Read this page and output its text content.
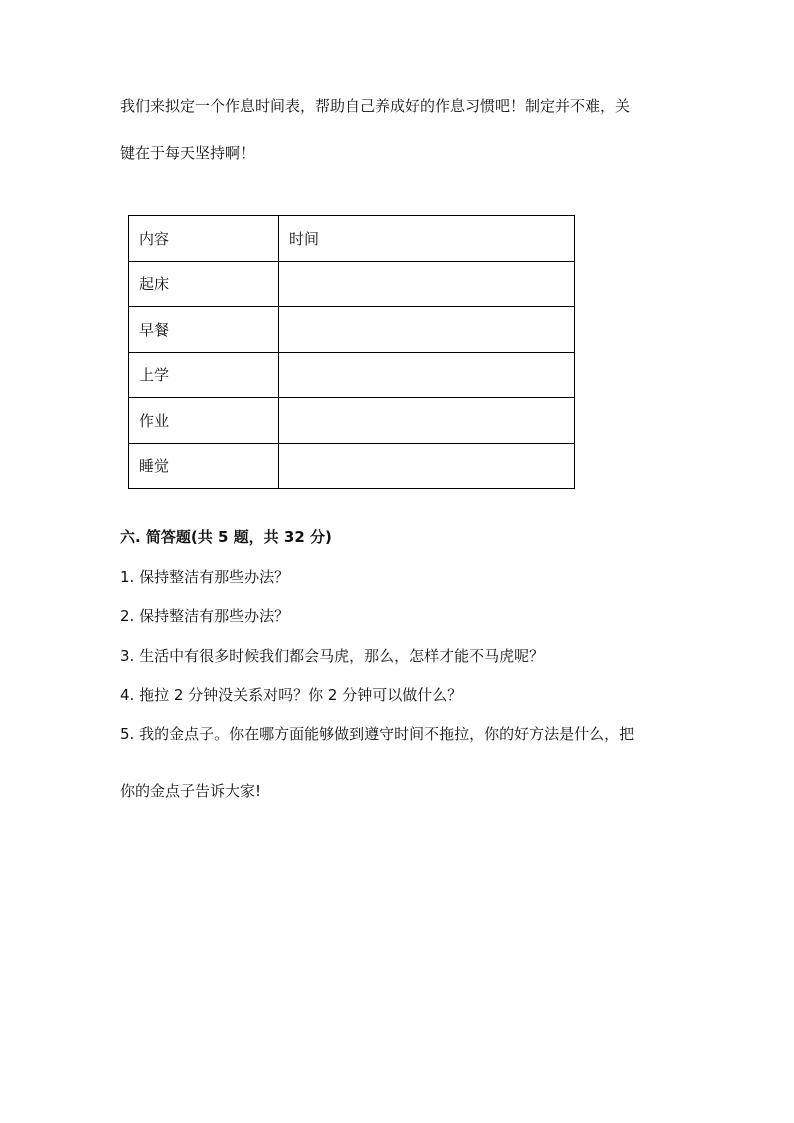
我们来拟定一个作息时间表，帮助自己养成好的作息习惯吧！制定并不难，关

键在于每天坚持啊！

内容	时间
起床	
早餐	
上学	
作业	
睡觉	
六. 简答题(共 5 题，共 32 分)
1. 保持整洁有那些办法？
2. 保持整洁有那些办法？
3. 生活中有很多时候我们都会马虎，那么，怎样才能不马虎呢？
4. 拖拉 2 分钟没关系对吗？你 2 分钟可以做什么？
5. 我的金点子。你在哪方面能够做到遵守时间不拖拉，你的好方法是什么，把
你的金点子告诉大家!
